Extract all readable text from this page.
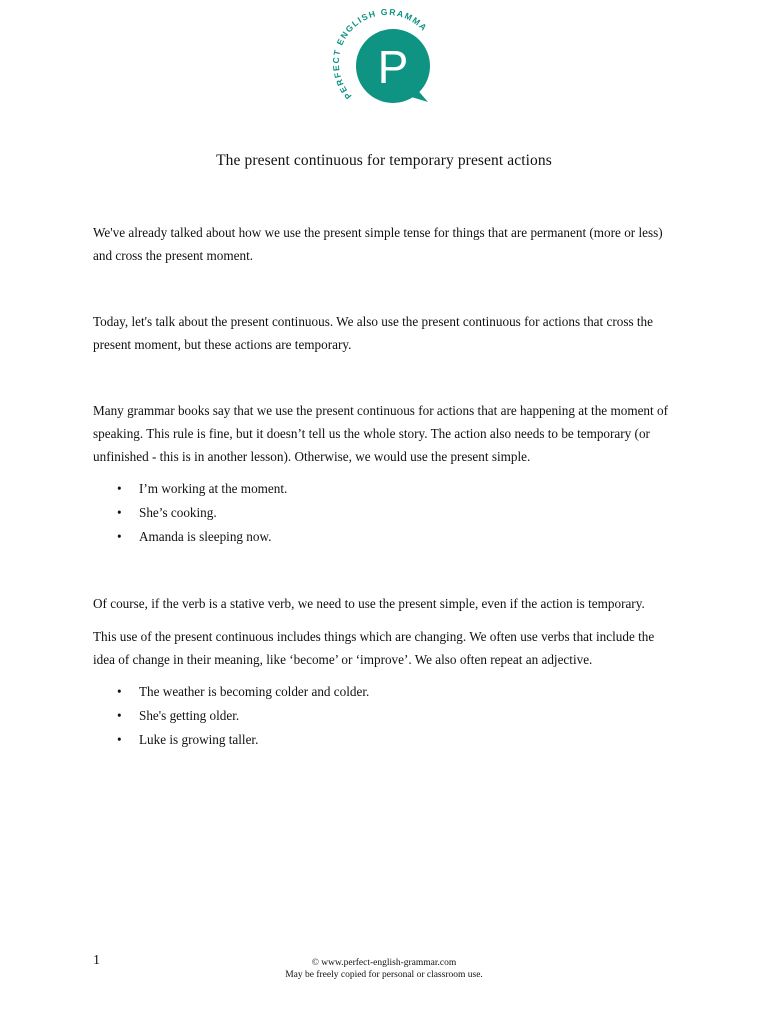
PERFECT ENGLISH GRAMMA
P
The present continuous for temporary present actions

We've already talked about how we use the present simple tense for things that are permanent (more or less) and cross the present moment.

Today, let's talk about the present continuous. We also use the present continuous for actions that cross the present moment, but these actions are temporary.

Many grammar books say that we use the present continuous for actions that are happening at the moment of speaking. This rule is fine, but it doesn’t tell us the whole story. The action also needs to be temporary (or unfinished - this is in another lesson). Otherwise, we would use the present simple.

• I’m working at the moment.
• She’s cooking.
• Amanda is sleeping now.

Of course, if the verb is a stative verb, we need to use the present simple, even if the action is temporary.

This use of the present continuous includes things which are changing. We often use verbs that include the idea of change in their meaning, like ‘become’ or ‘improve’. We also often repeat an adjective.

• The weather is becoming colder and colder.
• She's getting older.
• Luke is growing taller.
1	© www.perfect-english-grammar.com
May be freely copied for personal or classroom use.
